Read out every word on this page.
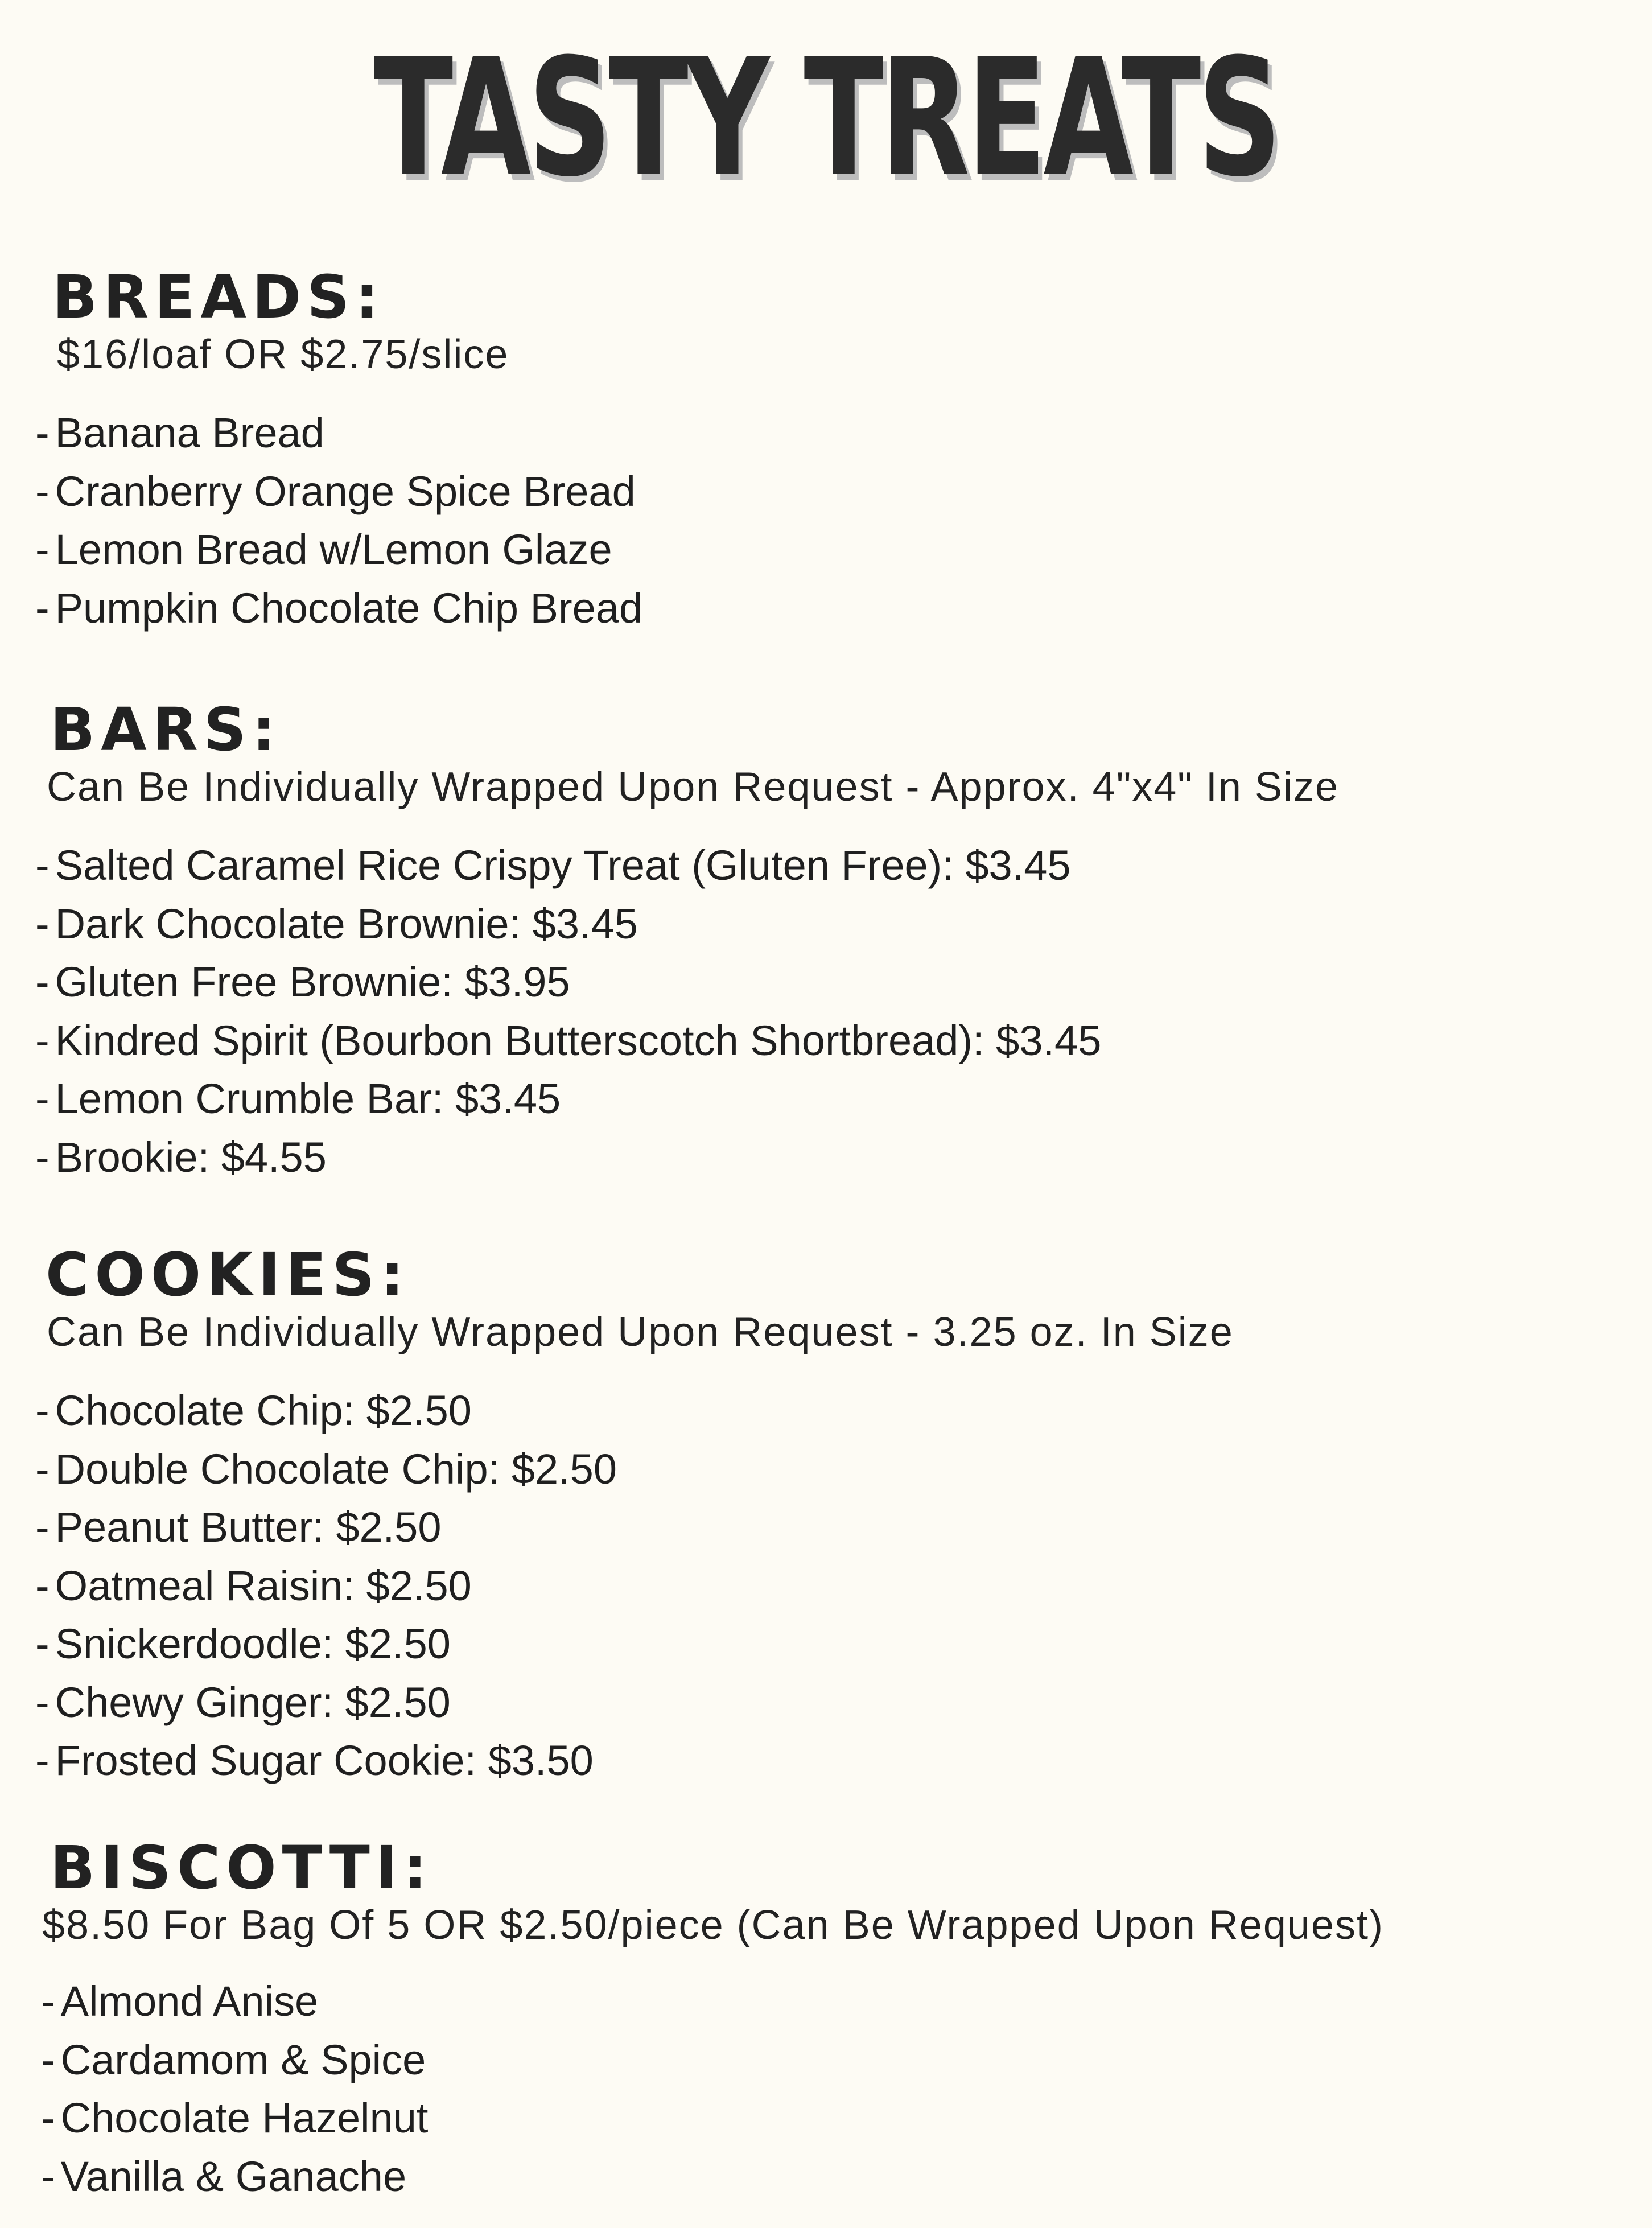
TASTY TREATS
BREADS:
$16/loaf OR $2.75/slice
- Banana Bread
- Cranberry Orange Spice Bread
- Lemon Bread w/Lemon Glaze
- Pumpkin Chocolate Chip Bread
BARS:
Can Be Individually Wrapped Upon Request - Approx. 4"x4" In Size
- Salted Caramel Rice Crispy Treat (Gluten Free): $3.45
- Dark Chocolate Brownie: $3.45
- Gluten Free Brownie: $3.95
- Kindred Spirit (Bourbon Butterscotch Shortbread): $3.45
- Lemon Crumble Bar: $3.45
- Brookie: $4.55
COOKIES:
Can Be Individually Wrapped Upon Request - 3.25 oz. In Size
- Chocolate Chip: $2.50
- Double Chocolate Chip: $2.50
- Peanut Butter: $2.50
- Oatmeal Raisin: $2.50
- Snickerdoodle: $2.50
- Chewy Ginger: $2.50
- Frosted Sugar Cookie: $3.50
BISCOTTI:
$8.50 For Bag Of 5 OR $2.50/piece (Can Be Wrapped Upon Request)
- Almond Anise
- Cardamom & Spice
- Chocolate Hazelnut
- Vanilla & Ganache
